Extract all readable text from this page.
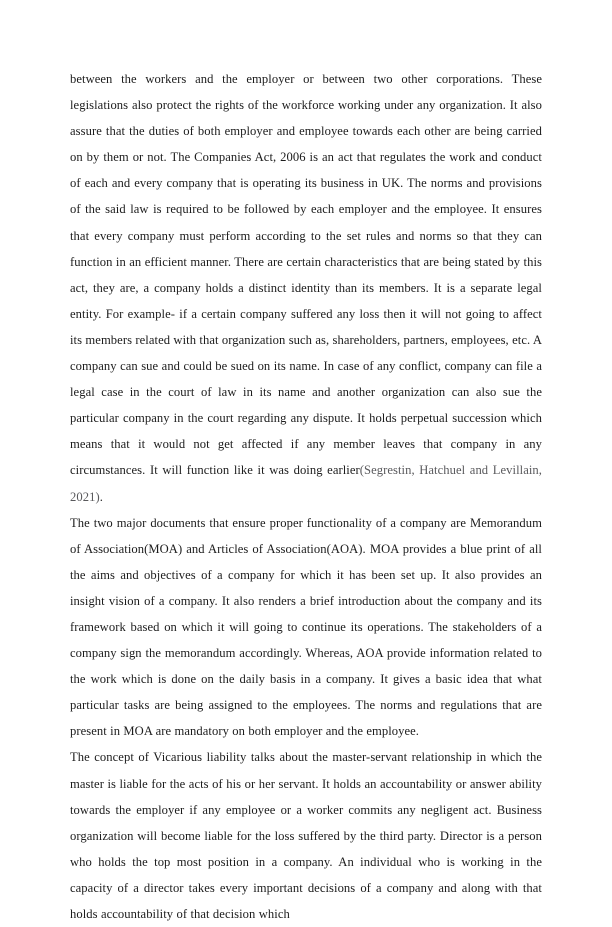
between the workers and the employer or between two other corporations. These legislations also protect the rights of the workforce working under any organization. It also assure that the duties of both employer and employee towards each other are being carried on by them or not. The Companies Act, 2006 is an act that regulates the work and conduct of each and every company that is operating its business in UK. The norms and provisions of the said law is required to be followed by each employer and the employee. It ensures that every company must perform according to the set rules and norms so that they can function in an efficient manner. There are certain characteristics that are being stated by this act, they are, a company holds a distinct identity than its members. It is a separate legal entity. For example- if a certain company suffered any loss then it will not going to affect its members related with that organization such as, shareholders, partners, employees, etc. A company can sue and could be sued on its name. In case of any conflict, company can file a legal case in the court of law in its name and another organization can also sue the particular company in the court regarding any dispute. It holds perpetual succession which means that it would not get affected if any member leaves that company in any circumstances. It will function like it was doing earlier(Segrestin, Hatchuel and Levillain, 2021).

The two major documents that ensure proper functionality of a company are Memorandum of Association(MOA) and Articles of Association(AOA). MOA provides a blue print of all the aims and objectives of a company for which it has been set up. It also provides an insight vision of a company. It also renders a brief introduction about the company and its framework based on which it will going to continue its operations. The stakeholders of a company sign the memorandum accordingly. Whereas, AOA provide information related to the work which is done on the daily basis in a company. It gives a basic idea that what particular tasks are being assigned to the employees. The norms and regulations that are present in MOA are mandatory on both employer and the employee.

The concept of Vicarious liability talks about the master-servant relationship in which the master is liable for the acts of his or her servant. It holds an accountability or answer ability towards the employer if any employee or a worker commits any negligent act. Business organization will become liable for the loss suffered by the third party. Director is a person who holds the top most position in a company. An individual who is working in the capacity of a director takes every important decisions of a company and along with that holds accountability of that decision which
